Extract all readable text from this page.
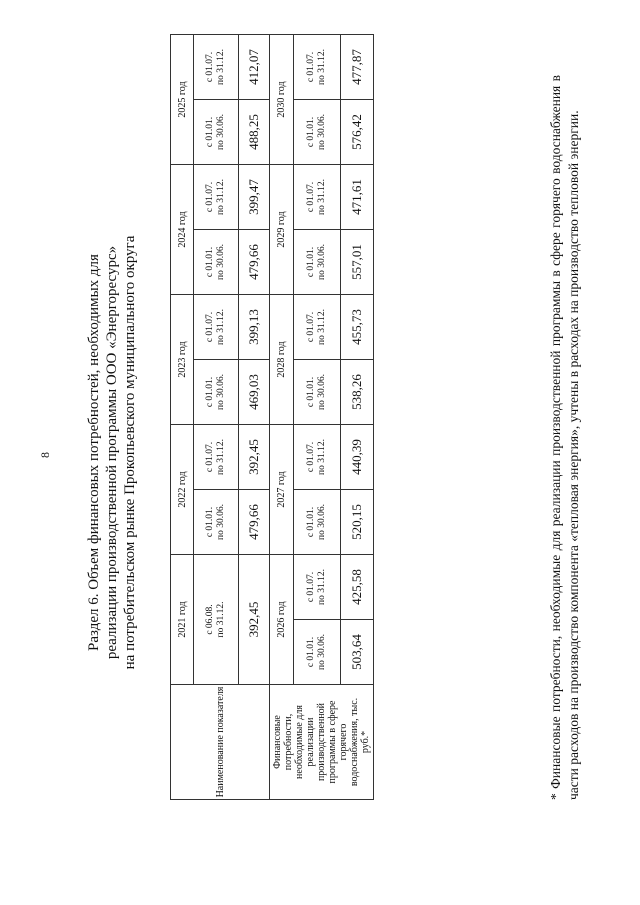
8 Раздел 6. Объем финансовых потребностей, необходимых для реализации производственной программы ООО «Энергоресурс» на потребительском рынке Прокопьевского муниципального округа
Наименование показателя	2021 год		2022 год		2023 год		2024 год		2025 год	

	с 06.08. по 31.12.		с 01.01. по 30.06.	с 01.07. по 31.12.	с 01.01. по 30.06.	с 01.07. по 31.12.	с 01.01. по 30.06.	с 01.07. по 31.12.	с 01.01. по 30.06.	с 01.07. по 31.12.

	392,45		479,66	392,45	469,03	399,13	479,66	399,47	488,25	412,07
Финансовые потребности, необходимые для реализации производственной программы в сфере горячего водоснабжения, тыс. руб.*	2026 год		2027 год		2028 год		2029 год		2030 год	

	с 01.01. по 30.06.	с 01.07. по 31.12.	с 01.01. по 30.06.	с 01.07. по 31.12.	с 01.01. по 30.06.	с 01.07. по 31.12.	с 01.01. по 30.06.	с 01.07. по 31.12.	с 01.01. по 30.06.	с 01.07. по 31.12.

	503,64	425,58	520,15	440,39	538,26	455,73	557,01	471,61	576,42	477,87
* Финансовые потребности, необходимые для реализации производственной программы в сфере горячего водоснабжения в части расходов на производство компонента «тепловая энергия», учтены в расходах на производство тепловой энергии.
